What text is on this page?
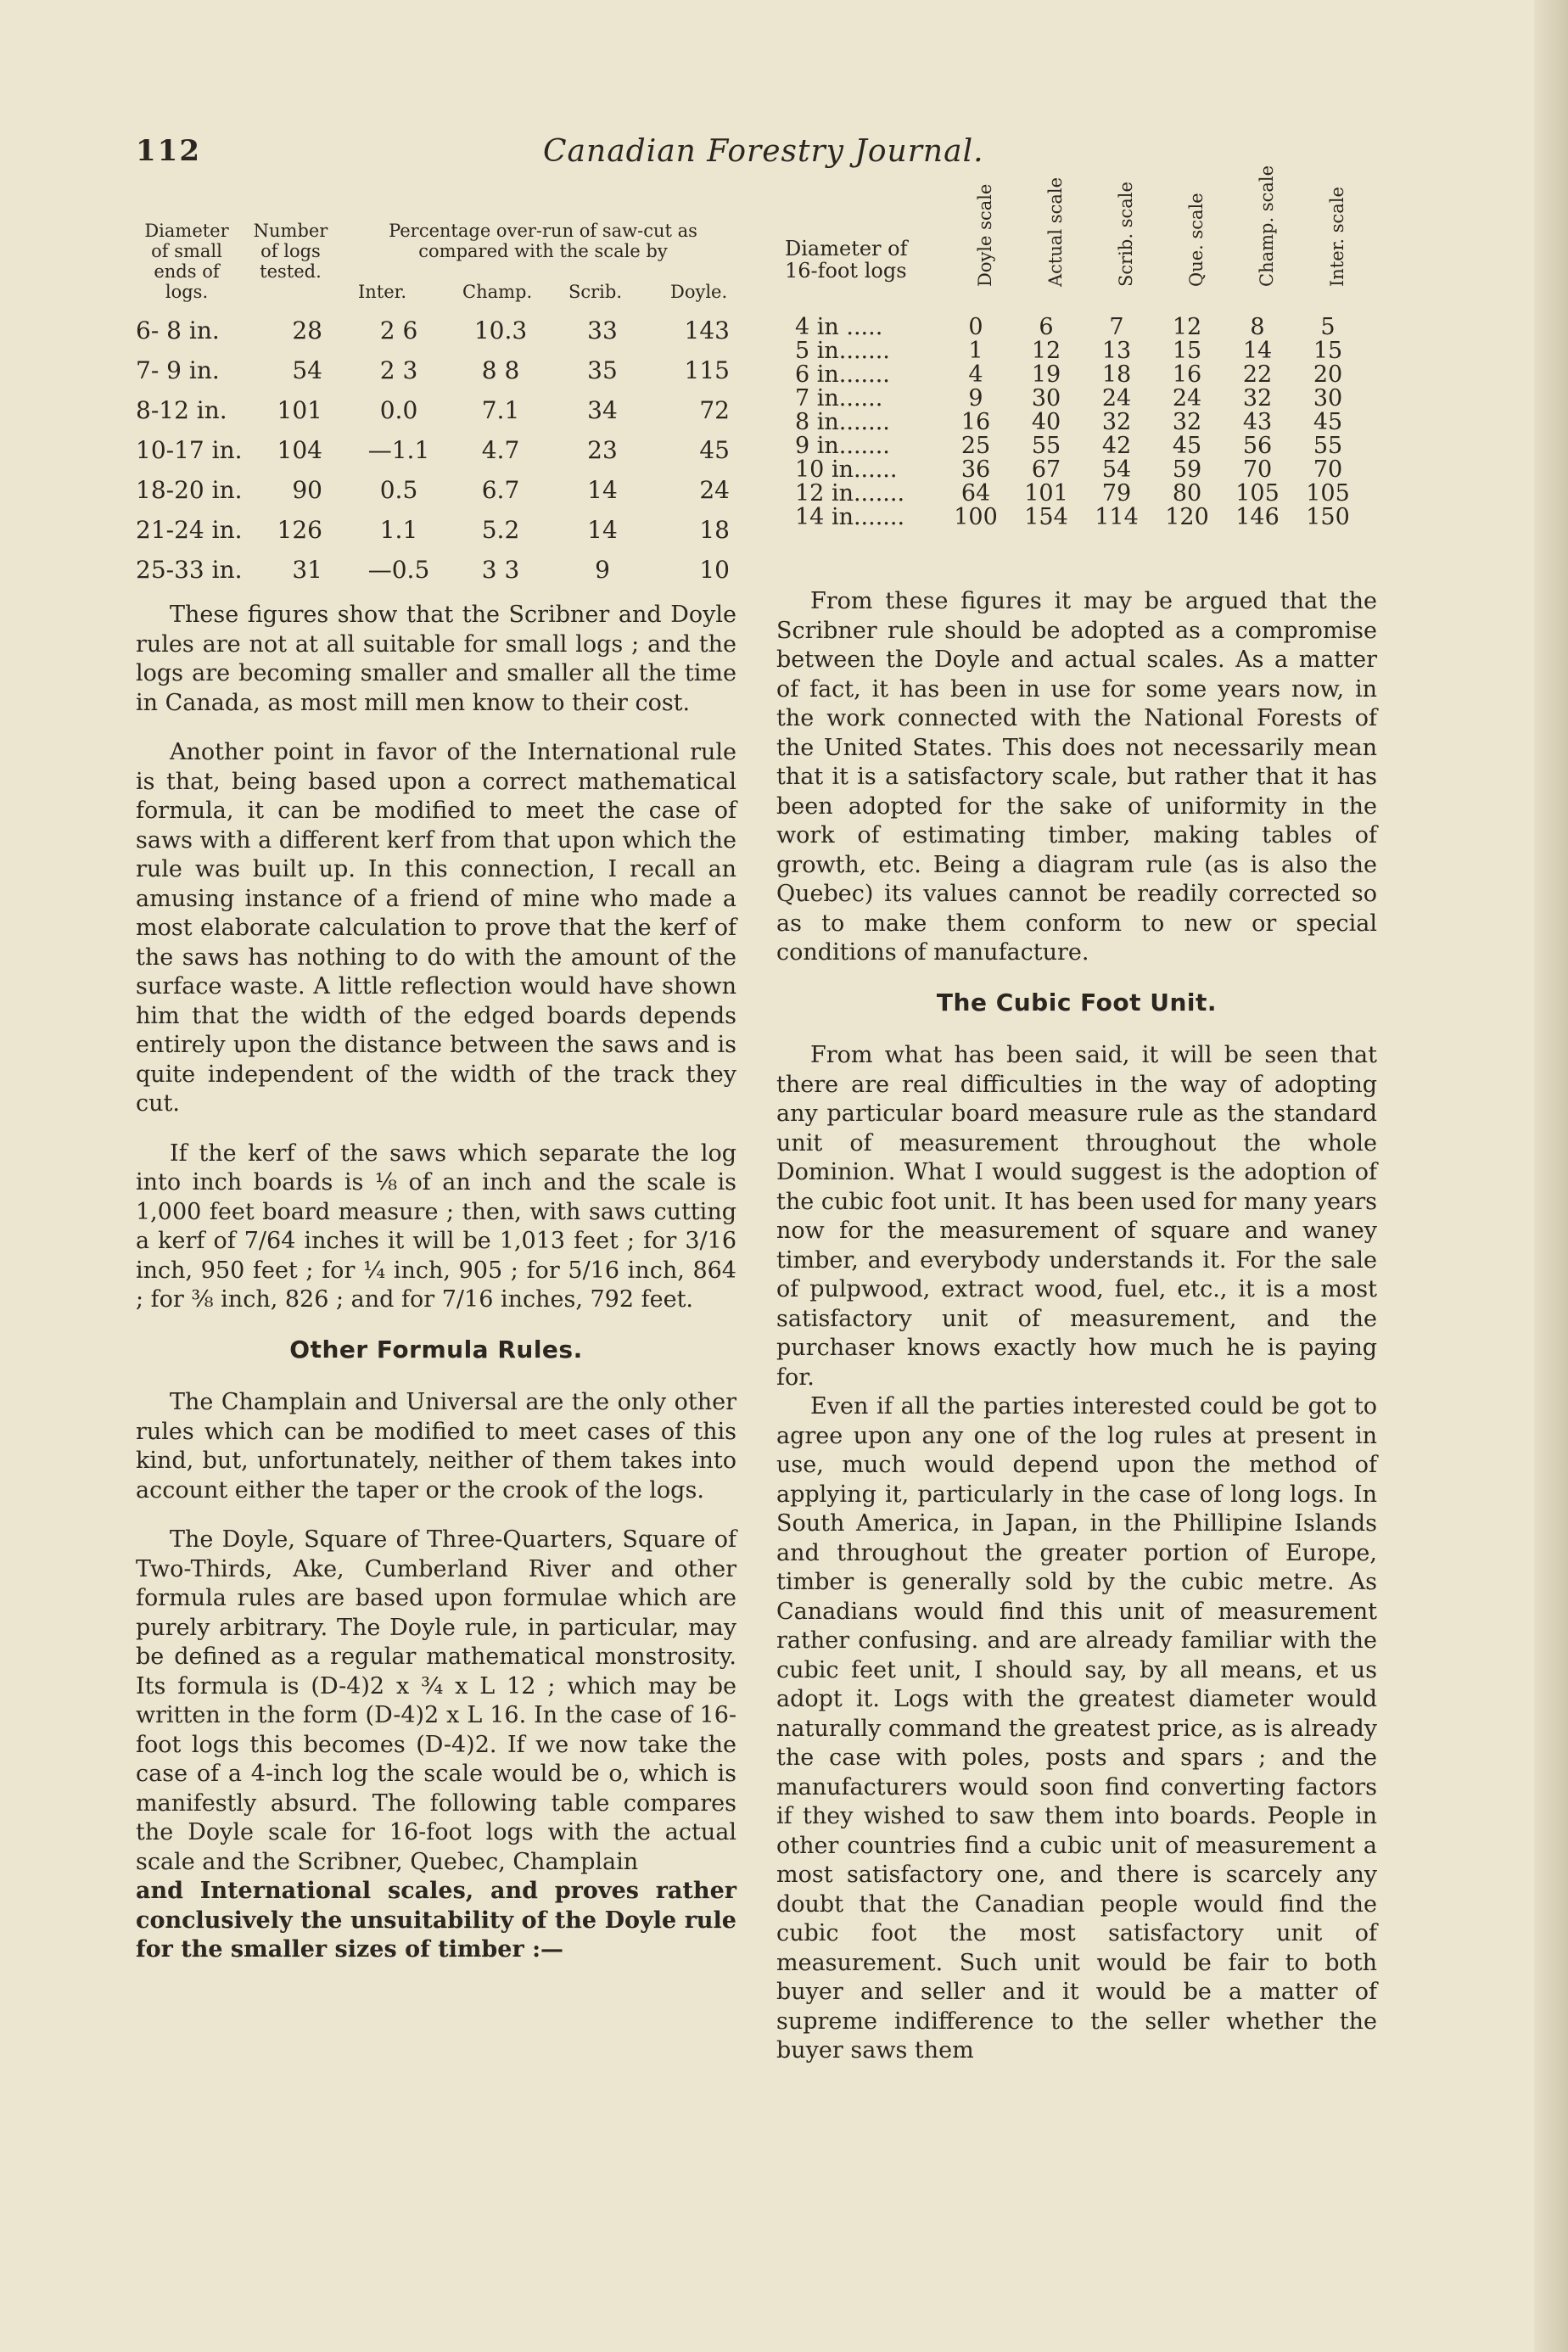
112	Canadian Forestry Journal.
Diameter of small ends of logs.
Number of logs tested.
Percentage over-run of saw-cut as compared with the scale by
Inter.	Champ. Scrib.	Doyle.
6- 8 in.	28	2 6	10.3	33	143
7- 9 in.	54	2 3	8 8	35	115
8-12 in.	101	0.0	7.1	34	72
10-17 in.	104	—1.1	4.7	23	45
18-20 in.	90	0.5	6.7	14	24
21-24 in.	126	1.1	5.2	14	18
25-33 in.	31	—0.5	3 3	9	10
Diameter of 16-foot logs	Doyle scale	Actual scale	Scrib. scale	Que. scale	Champ. scale	Inter. scale
4 in .....	0	6	7	12	8	5
5 in.......	1	12	13	15	14	15
6 in.......	4	19	18	16	22	20
7 in......	9	30	24	24	32	30
8 in.......	16	40	32	32	43	45
9 in.......	25	55	42	45	56	55
10 in......	36	67	54	59	70	70
12 in.......	64	101	79	80	105 105
14 in.......	100 154 114 120 146 150

These figures show that the Scribner and Doyle rules are not at all suitable for small logs ; and the logs are becoming smaller and smaller all the time in Canada, as most mill men know to their cost.

Another point in favor of the International rule is that, being based upon a correct mathematical formula, it can be modified to meet the case of saws with a different kerf from that upon which the rule was built up. In this connection, I recall an amusing instance of a friend of mine who made a most elaborate calculation to prove that the kerf of the saws has nothing to do with the amount of the surface waste. A little reflection would have shown him that the width of the edged boards depends entirely upon the distance between the saws and is quite independent of the width of the track they cut.

If the kerf of the saws which separate the log into inch boards is ⅛ of an inch and the scale is 1,000 feet board measure ; then, with saws cutting a kerf of 7/64 inches it will be 1,013 feet ; for 3/16 inch, 950 feet ; for ¼ inch, 905 ; for 5/16 inch, 864 ; for ⅜ inch, 826 ; and for 7/16 inches, 792 feet.

Other Formula Rules.

The Champlain and Universal are the only other rules which can be modified to meet cases of this kind, but, unfortunately, neither of them takes into account either the taper or the crook of the logs.

The Doyle, Square of Three-Quarters, Square of Two-Thirds, Ake, Cumberland River and other formula rules are based upon formulae which are purely arbitrary. The Doyle rule, in particular, may be defined as a regular mathematical monstrosity. Its formula is (D-4)2 x ¾ x L 12 ; which may be written in the form (D-4)2 x L 16. In the case of 16-foot logs this becomes (D-4)2. If we now take the case of a 4-inch log the scale would be o, which is manifestly absurd. The following table compares the Doyle scale for 16-foot logs with the actual scale and the Scribner, Quebec, Champlain

and International scales, and proves rather conclusively the unsuitability of the Doyle rule for the smaller sizes of timber :—

From these figures it may be argued that the Scribner rule should be adopted as a compromise between the Doyle and actual scales. As a matter of fact, it has been in use for some years now, in the work connected with the National Forests of the United States. This does not necessarily mean that it is a satisfactory scale, but rather that it has been adopted for the sake of uniformity in the work of estimating timber, making tables of growth, etc. Being a diagram rule (as is also the Quebec) its values cannot be readily corrected so as to make them conform to new or special conditions of manufacture.

The Cubic Foot Unit.

From what has been said, it will be seen that there are real difficulties in the way of adopting any particular board measure rule as the standard unit of measurement throughout the whole Dominion. What I would suggest is the adoption of the cubic foot unit. It has been used for many years now for the measurement of square and waney timber, and everybody understands it. For the sale of pulpwood, extract wood, fuel, etc., it is a most satisfactory unit of measurement, and the purchaser knows exactly how much he is paying for.

Even if all the parties interested could be got to agree upon any one of the log rules at present in use, much would depend upon the method of applying it, particularly in the case of long logs. In South America, in Japan, in the Phillipine Islands and throughout the greater portion of Europe, timber is generally sold by the cubic metre. As Canadians would find this unit of measurement rather confusing. and are already familiar with the cubic feet unit, I should say, by all means, et us adopt it. Logs with the greatest diameter would naturally command the greatest price, as is already the case with poles, posts and spars ; and the manufacturers would soon find converting factors if they wished to saw them into boards. People in other countries find a cubic unit of measurement a most satisfactory one, and there is scarcely any doubt that the Canadian people would find the cubic foot the most satisfactory unit of measurement. Such unit would be fair to both buyer and seller and it would be a matter of supreme indifference to the seller whether the buyer saws them
